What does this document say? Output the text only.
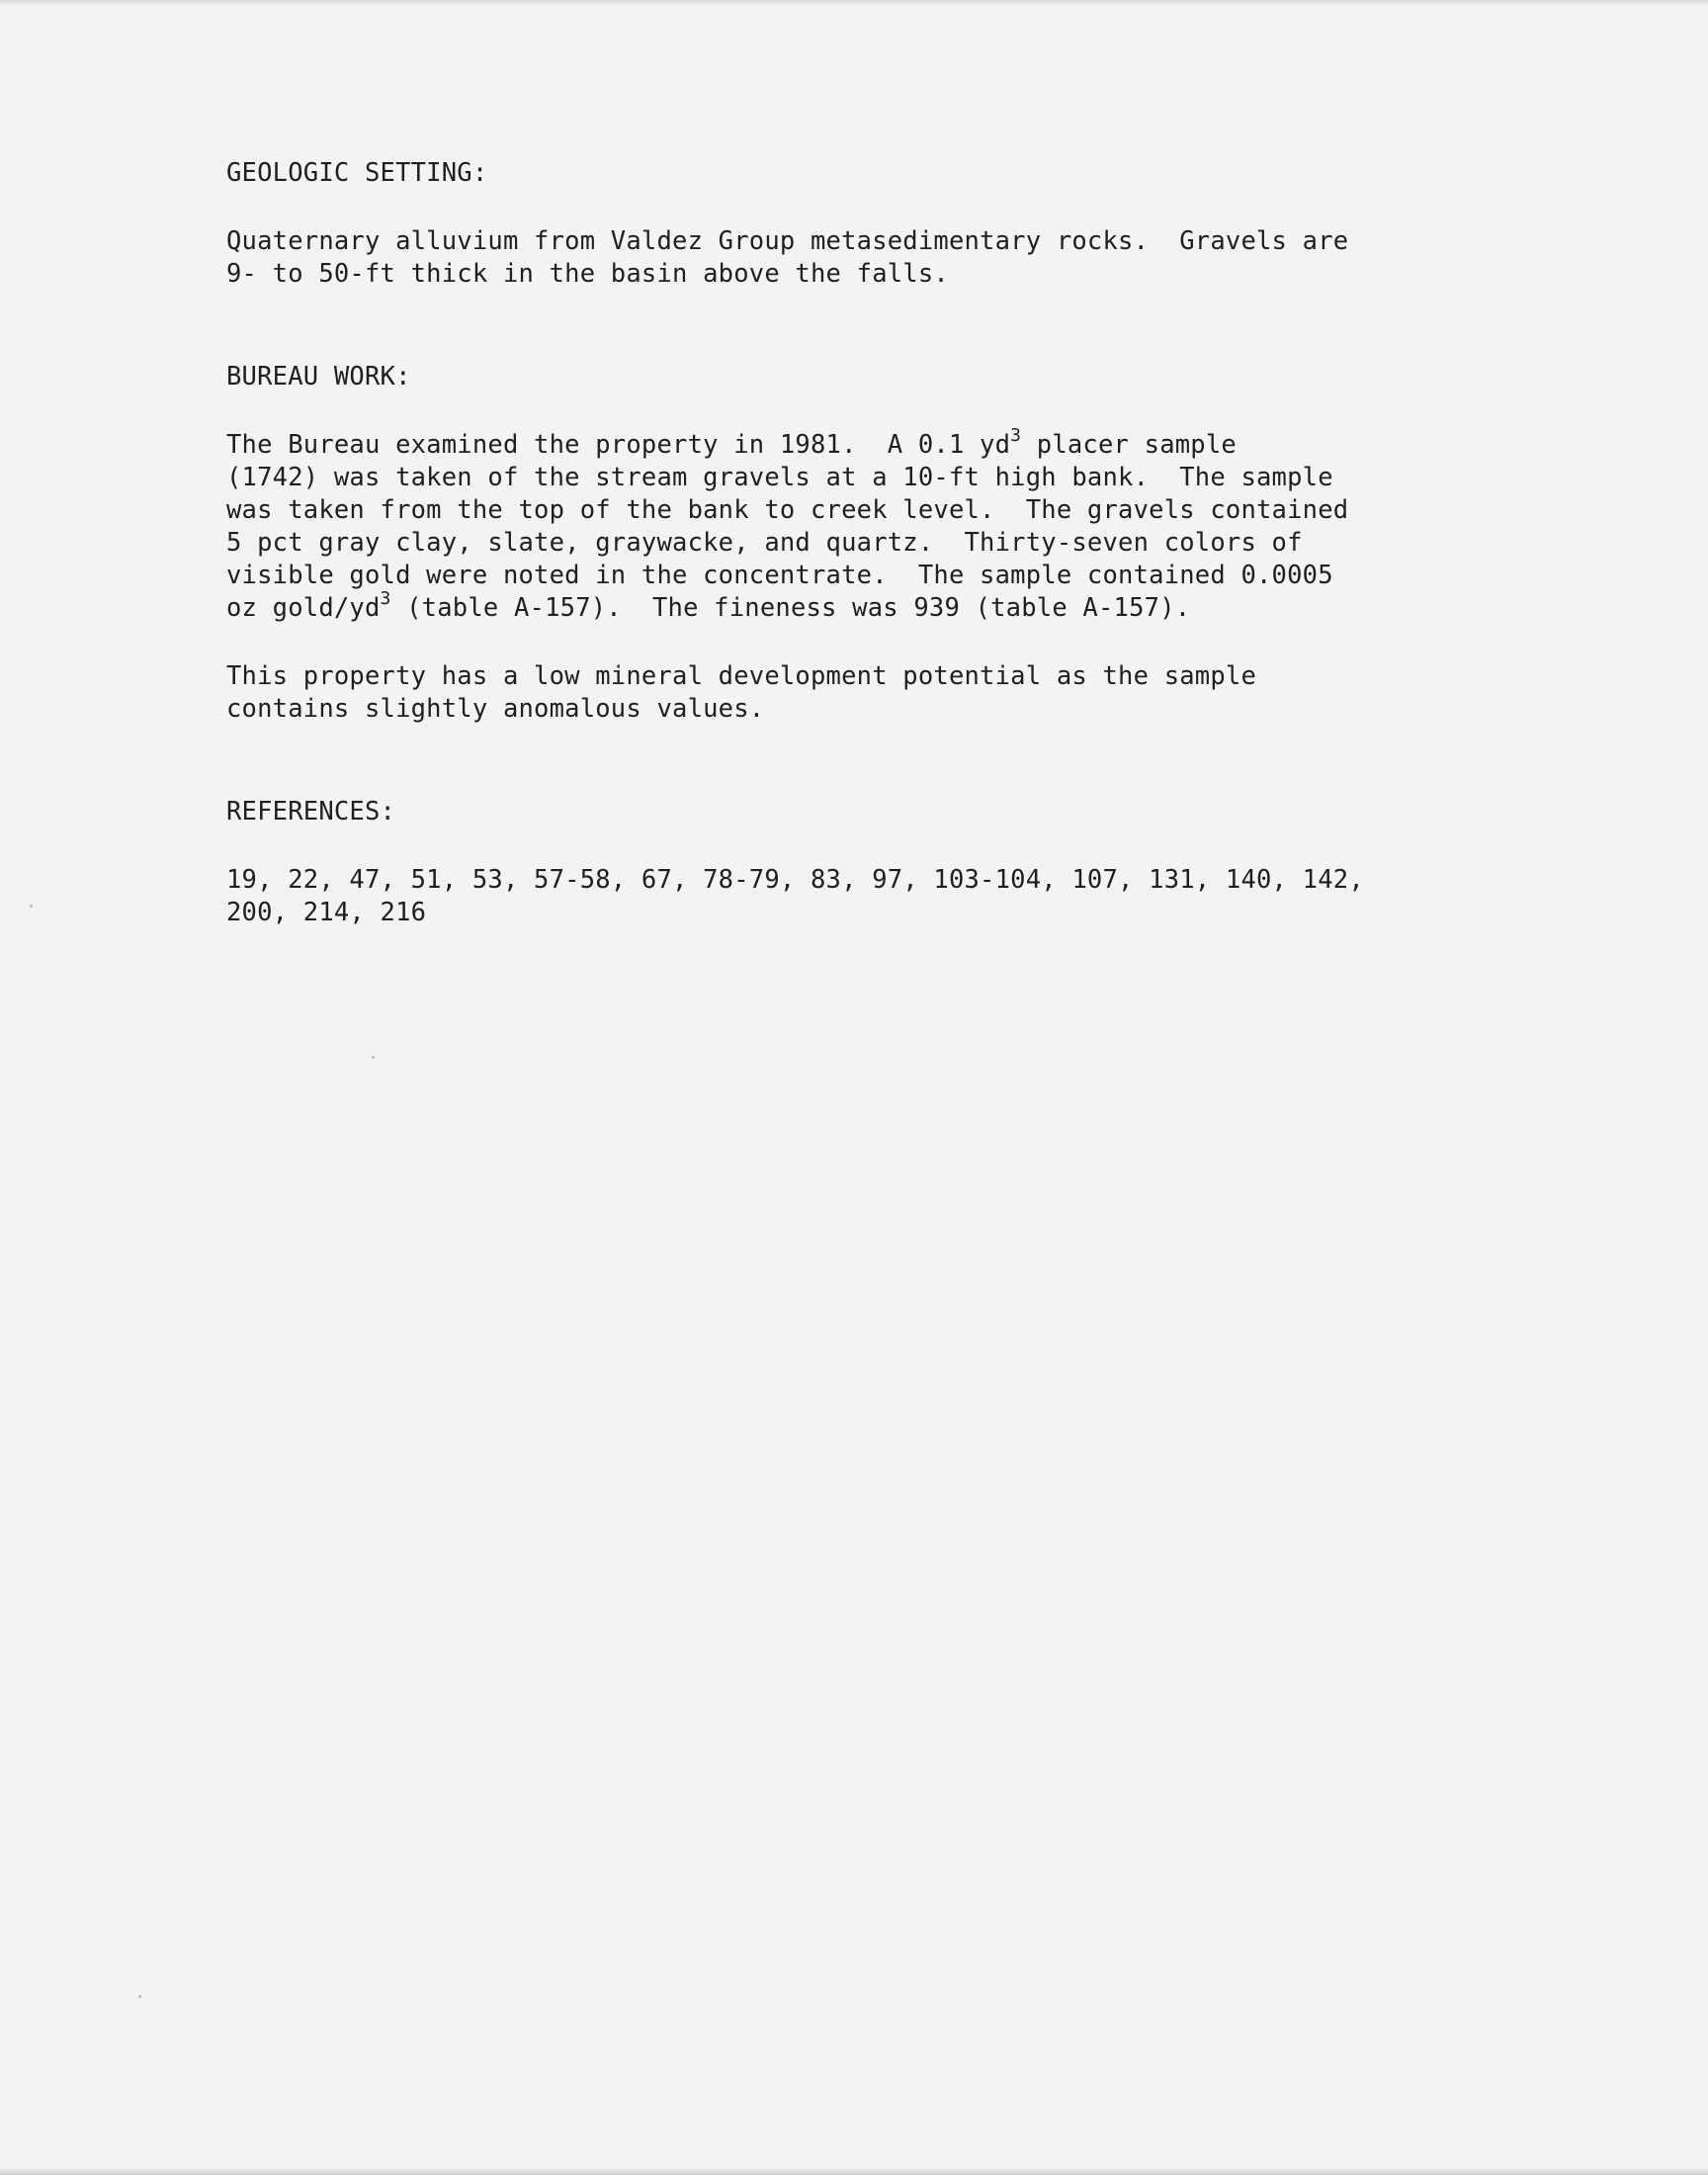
GEOLOGIC SETTING:

Quaternary alluvium from Valdez Group metasedimentary rocks.  Gravels are
9- to 50-ft thick in the basin above the falls.

BUREAU WORK:

The Bureau examined the property in 1981.  A 0.1 $yd^3$ placer sample
(1742) was taken of the stream gravels at a 10-ft high bank.  The sample
was taken from the top of the bank to creek level.  The gravels contained
5 pct gray clay, slate, graywacke, and quartz.  Thirty-seven colors of
visible gold were noted in the concentrate.  The sample contained 0.0005
oz gold/$yd^3$ (table A-157).  The fineness was 939 (table A-157).

This property has a low mineral development potential as the sample
contains slightly anomalous values.

REFERENCES:

19, 22, 47, 51, 53, 57-58, 67, 78-79, 83, 97, 103-104, 107, 131, 140, 142,
200, 214, 216
